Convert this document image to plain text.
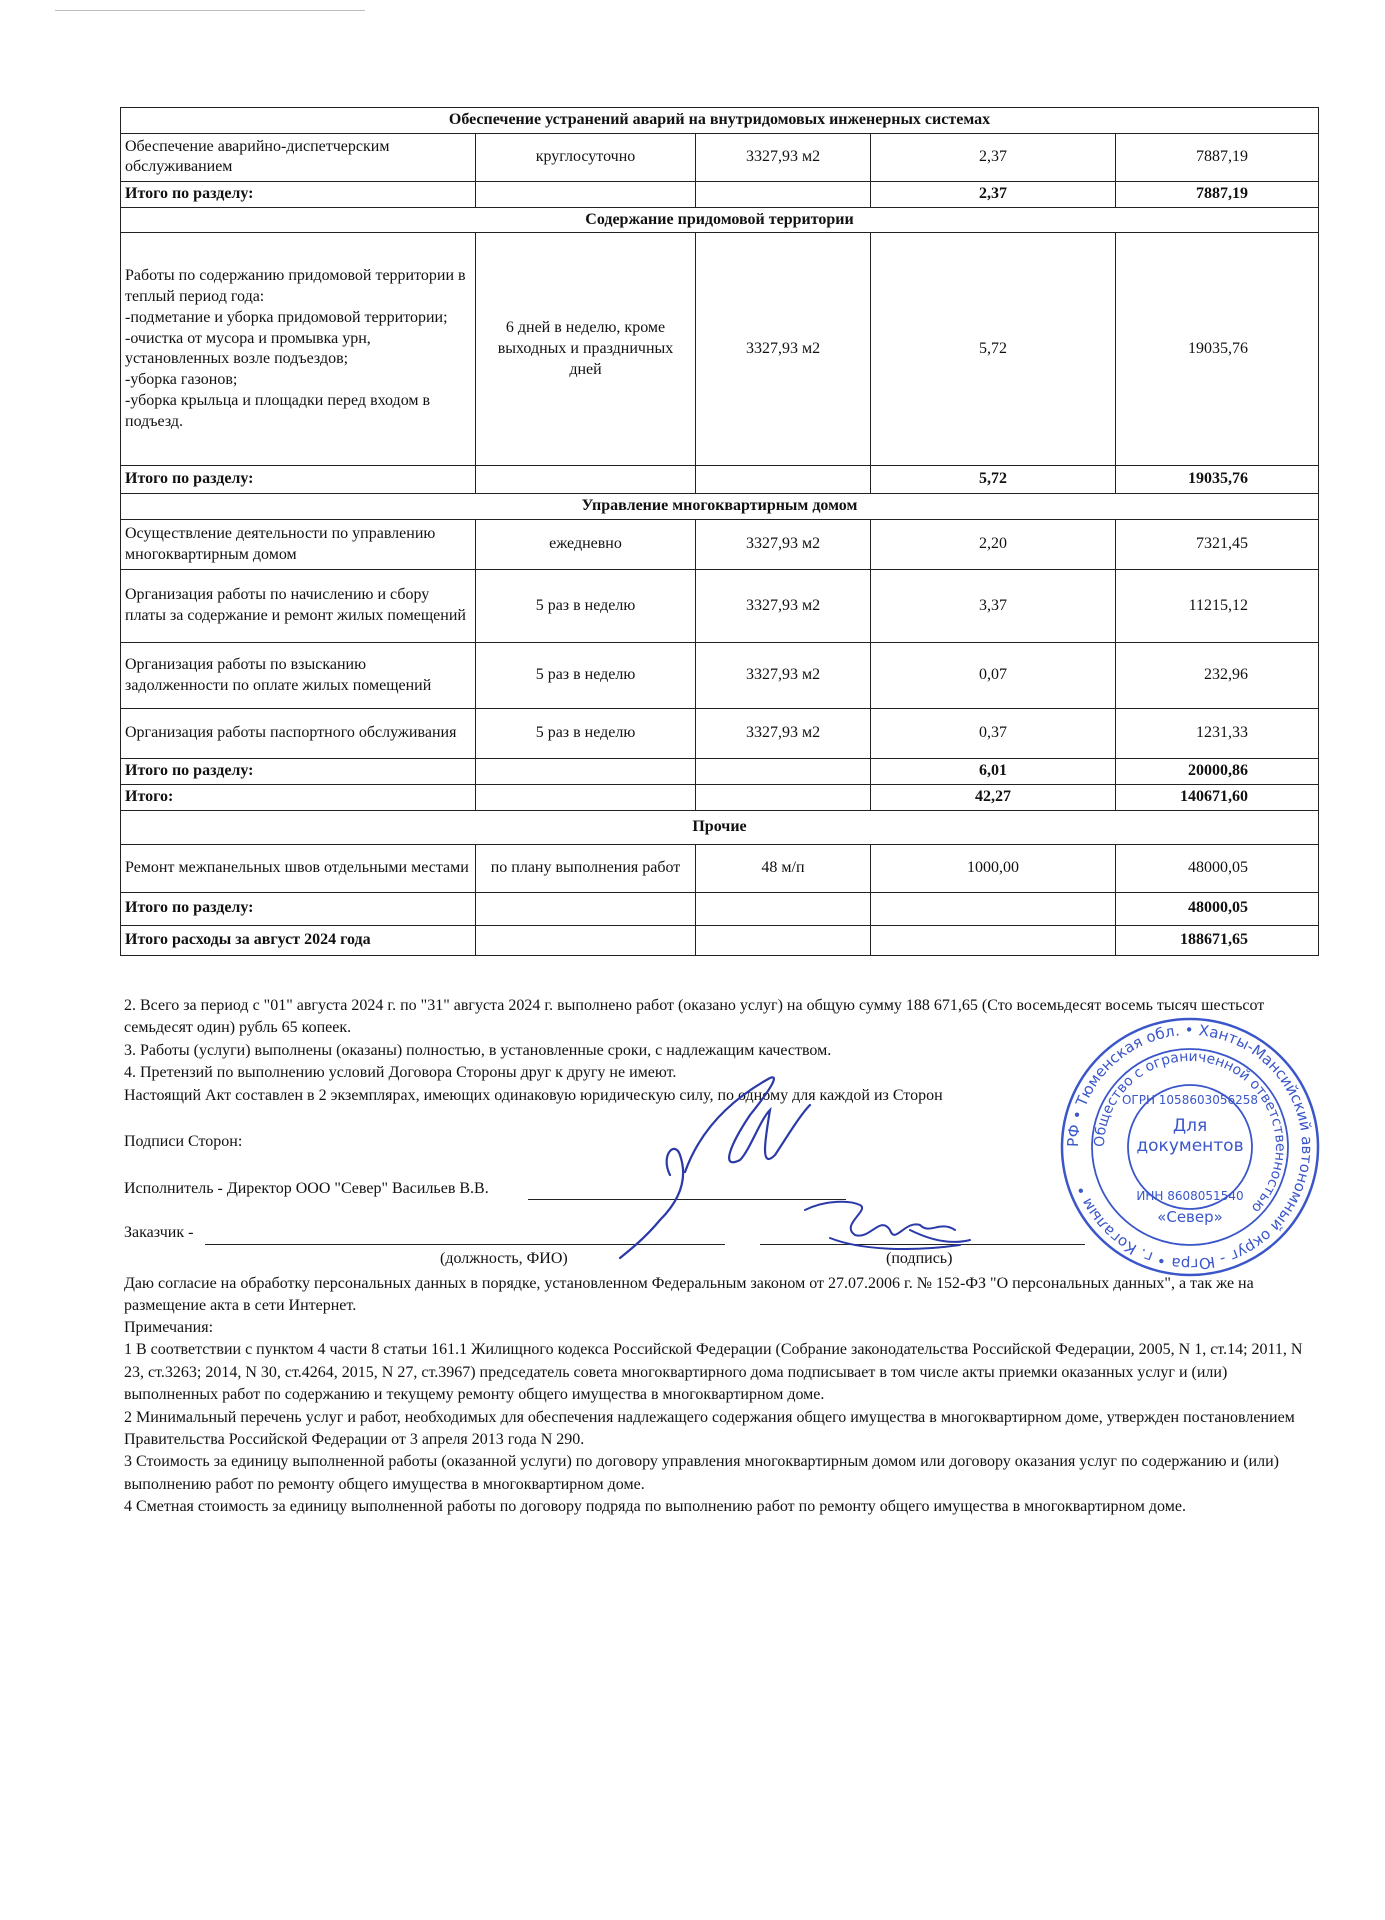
Обеспечение устранений аварий на внутридомовых инженерных системах				
Обеспечение аварийно-диспетчерским обслуживанием	круглосуточно	3327,93 м2	2,37	7887,19
Итого по разделу:			2,37	7887,19
Содержание придомовой территории				
Работы по содержанию придомовой территории в теплый период года:
-подметание и уборка придомовой территории;
-очистка от мусора и промывка урн, установленных возле подъездов;
-уборка газонов;
-уборка крыльца и площадки перед входом в подъезд.	6 дней в неделю, кроме выходных и праздничных дней	3327,93 м2	5,72	19035,76
Итого по разделу:			5,72	19035,76
Управление многоквартирным домом				
Осуществление деятельности по управлению многоквартирным домом	ежедневно	3327,93 м2	2,20	7321,45
Организация работы по начислению и сбору платы за содержание и ремонт жилых помещений	5 раз в неделю	3327,93 м2	3,37	11215,12
Организация работы по взысканию задолженности по оплате жилых помещений	5 раз в неделю	3327,93 м2	0,07	232,96
Организация работы паспортного обслуживания	5 раз в неделю	3327,93 м2	0,37	1231,33
Итого по разделу:			6,01	20000,86
Итого:			42,27	140671,60
Прочие				
Ремонт межпанельных швов отдельными местами	по плану выполнения работ	48 м/п	1000,00	48000,05
Итого по разделу:				48000,05
Итого расходы за август 2024 года				188671,65

2. Всего за период с "01" августа 2024 г. по "31" августа 2024 г. выполнено работ (оказано услуг) на общую сумму 188 671,65 (Сто восемьдесят восемь тысяч шестьсот семьдесят один) рубль 65 копеек.

3. Работы (услуги) выполнены (оказаны) полностью, в установленные сроки, с надлежащим качеством.

4. Претензий по выполнению условий Договора Стороны друг к другу не имеют.

Настоящий Акт составлен в 2 экземплярах, имеющих одинаковую юридическую силу, по одному для каждой из Сторон

Подписи Сторон:
Исполнитель - Директор ООО "Север" Васильев В.В.
Заказчик -
(должность, ФИО)	(подпись)
РФ • Тюменская обл. • Ханты-Мансийский автономный округ - Югра • г. Когалым •
Общество с ограниченной ответственностью
ОГРН 1058603056258
ИНН 8608051540
Для документов
«Север»
Даю согласие на обработку персональных данных в порядке, установленном Федеральным законом от 27.07.2006 г. № 152-ФЗ "О персональных данных", а так же на размещение акта в сети Интернет.

Примечания:

1 В соответствии с пунктом 4 части 8 статьи 161.1 Жилищного кодекса Российской Федерации (Собрание законодательства Российской Федерации, 2005, N 1, ст.14; 2011, N 23, ст.3263; 2014, N 30, ст.4264, 2015, N 27, ст.3967) председатель совета многоквартирного дома подписывает в том числе акты приемки оказанных услуг и (или) выполненных работ по содержанию и текущему ремонту общего имущества в многоквартирном доме.

2 Минимальный перечень услуг и работ, необходимых для обеспечения надлежащего содержания общего имущества в многоквартирном доме, утвержден постановлением Правительства Российской Федерации от 3 апреля 2013 года N 290.

3 Стоимость за единицу выполненной работы (оказанной услуги) по договору управления многоквартирным домом или договору оказания услуг по содержанию и (или) выполнению работ по ремонту общего имущества в многоквартирном доме.

4 Сметная стоимость за единицу выполненной работы по договору подряда по выполнению работ по ремонту общего имущества в многоквартирном доме.
